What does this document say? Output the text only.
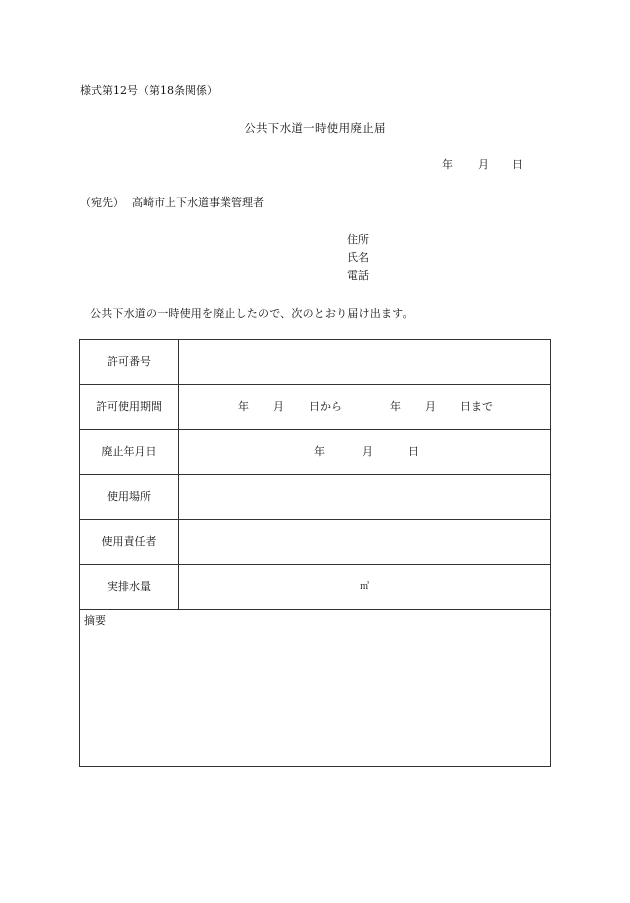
様式第12号（第18条関係）
公共下水道一時使用廃止届
年 月 日
（宛先） 高崎市上下水道事業管理者
住所
氏名
電話
公共下水道の一時使用を廃止したので、次のとおり届け出ます。
許可番号
許可使用期間	年 月 日から	年 月 日まで
廃止年月日	年	月	日
使用場所
使用責任者
実排水量	㎥
摘要
